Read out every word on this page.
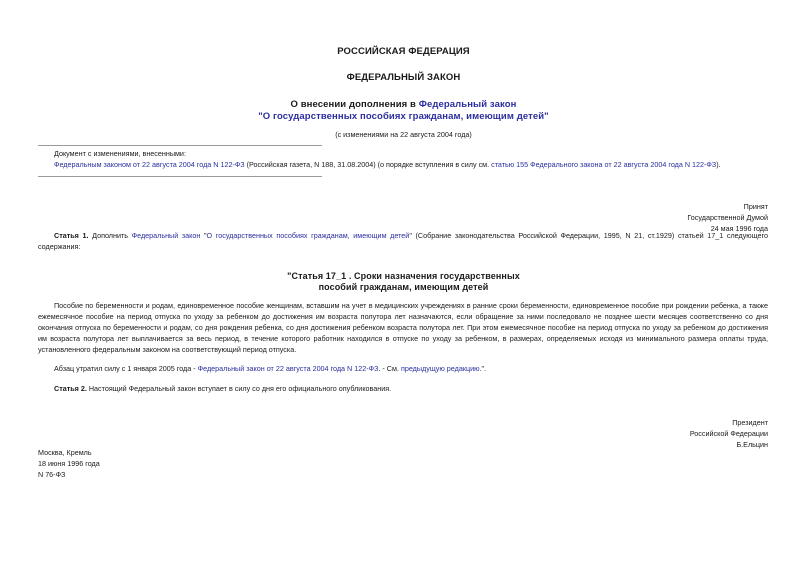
РОССИЙСКАЯ ФЕДЕРАЦИЯ
ФЕДЕРАЛЬНЫЙ ЗАКОН
О внесении дополнения в Федеральный закон
"О государственных пособиях гражданам, имеющим детей"
(с изменениями на 22 августа 2004 года)
Документ с изменениями, внесенными:
Федеральным законом от 22 августа 2004 года N 122-ФЗ (Российская газета, N 188, 31.08.2004) (о порядке вступления в силу см. статью 155 Федерального закона от 22 августа 2004 года N 122-ФЗ).
Принят
Государственной Думой
24 мая 1996 года

Статья 1. Дополнить Федеральный закон "О государственных пособиях гражданам, имеющим детей" (Собрание законодательства Российской Федерации, 1995, N 21, ст.1929) статьей 17_1 следующего содержания:

"Статья 17_1 . Сроки назначения государственных
пособий гражданам, имеющим детей

Пособие по беременности и родам, единовременное пособие женщинам, вставшим на учет в медицинских учреждениях в ранние сроки беременности, единовременное пособие при рождении ребенка, а также ежемесячное пособие на период отпуска по уходу за ребенком до достижения им возраста полутора лет назначаются, если обращение за ними последовало не позднее шести месяцев соответственно со дня окончания отпуска по беременности и родам, со дня рождения ребенка, со дня достижения ребенком возраста полутора лет. При этом ежемесячное пособие на период отпуска по уходу за ребенком до достижения им возраста полутора лет выплачивается за весь период, в течение которого работник находился в отпуске по уходу за ребенком, в размерах, определяемых исходя из минимального размера оплаты труда, установленного федеральным законом на соответствующий период отпуска.

Абзац утратил силу с 1 января 2005 года - Федеральный закон от 22 августа 2004 года N 122-ФЗ. - См. предыдущую редакцию.".

Статья 2. Настоящий Федеральный закон вступает в силу со дня его официального опубликования.

Президент
Российской Федерации
Б.Ельцин
Москва, Кремль
18 июня 1996 года
N 76-ФЗ
